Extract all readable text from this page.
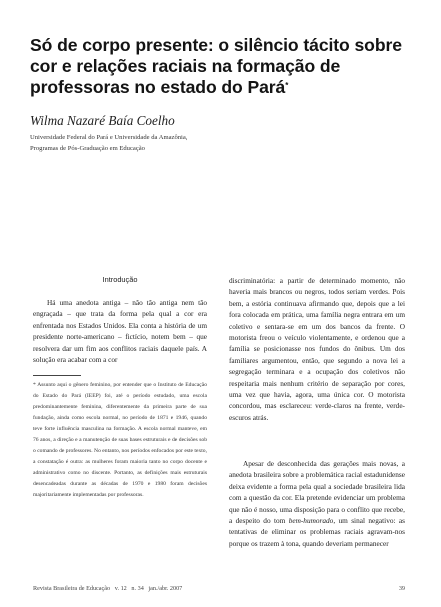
Só de corpo presente: o silêncio tácito sobre cor e relações raciais na formação de professoras no estado do Pará*
Wilma Nazaré Baía Coelho
Universidade Federal do Pará e Universidade da Amazônia,
Programas de Pós-Graduação em Educação
Introdução
Há uma anedota antiga – não tão antiga nem tão engraçada – que trata da forma pela qual a cor era enfrentada nos Estados Unidos. Ela conta a história de um presidente norte-americano – fictício, notem bem – que resolvera dar um fim aos conflitos raciais daquele país. A solução era acabar com a cor
* Assunto aqui o gênero feminino, por entender que o Instituto de Educação do Estado do Pará (IEEP) foi, até o período estudado, uma escola predominantemente feminina, diferentemente da primeira parte de sua fundação, ainda como escola normal, no período de 1871 e 1946, quando teve forte influência masculina na formação. A escola normal manteve, em 76 anos, a direção e a manutenção de suas bases estruturais e de decisões sob o comando de professores. No entanto, nos períodos enfocados por este texto, a constatação é outra: as mulheres foram maioria tanto no corpo docente e administrativo como no discente. Portanto, as definições mais estruturais desencadeadas durante as décadas de 1970 e 1980 foram decisões majoritariamente implementadas por professoras.
discriminatória: a partir de determinado momento, não haveria mais brancos ou negros, todos seriam verdes. Pois bem, a estória continuava afirmando que, depois que a lei fora colocada em prática, uma família negra entrara em um coletivo e sentara-se em um dos bancos da frente. O motorista freou o veículo violentamente, e ordenou que a família se posicionasse nos fundos do ônibus. Um dos familiares argumentou, então, que segundo a nova lei a segregação terminara e a ocupação dos coletivos não respeitaria mais nenhum critério de separação por cores, uma vez que havia, agora, uma única cor. O motorista concordou, mas esclareceu: verde-claros na frente, verde-escuros atrás.
Apesar de desconhecida das gerações mais novas, a anedota brasileira sobre a problemática racial estadunidense deixa evidente a forma pela qual a sociedade brasileira lida com a questão da cor. Ela pretende evidenciar um problema que não é nosso, uma disposição para o conflito que recebe, a despeito do tom bem-humorado, um sinal negativo: as tentativas de eliminar os problemas raciais agravam-nos porque os trazem à tona, quando deveriam permanecer
Revista Brasileira de Educação v. 12 n. 34 jan./abr. 2007	39
